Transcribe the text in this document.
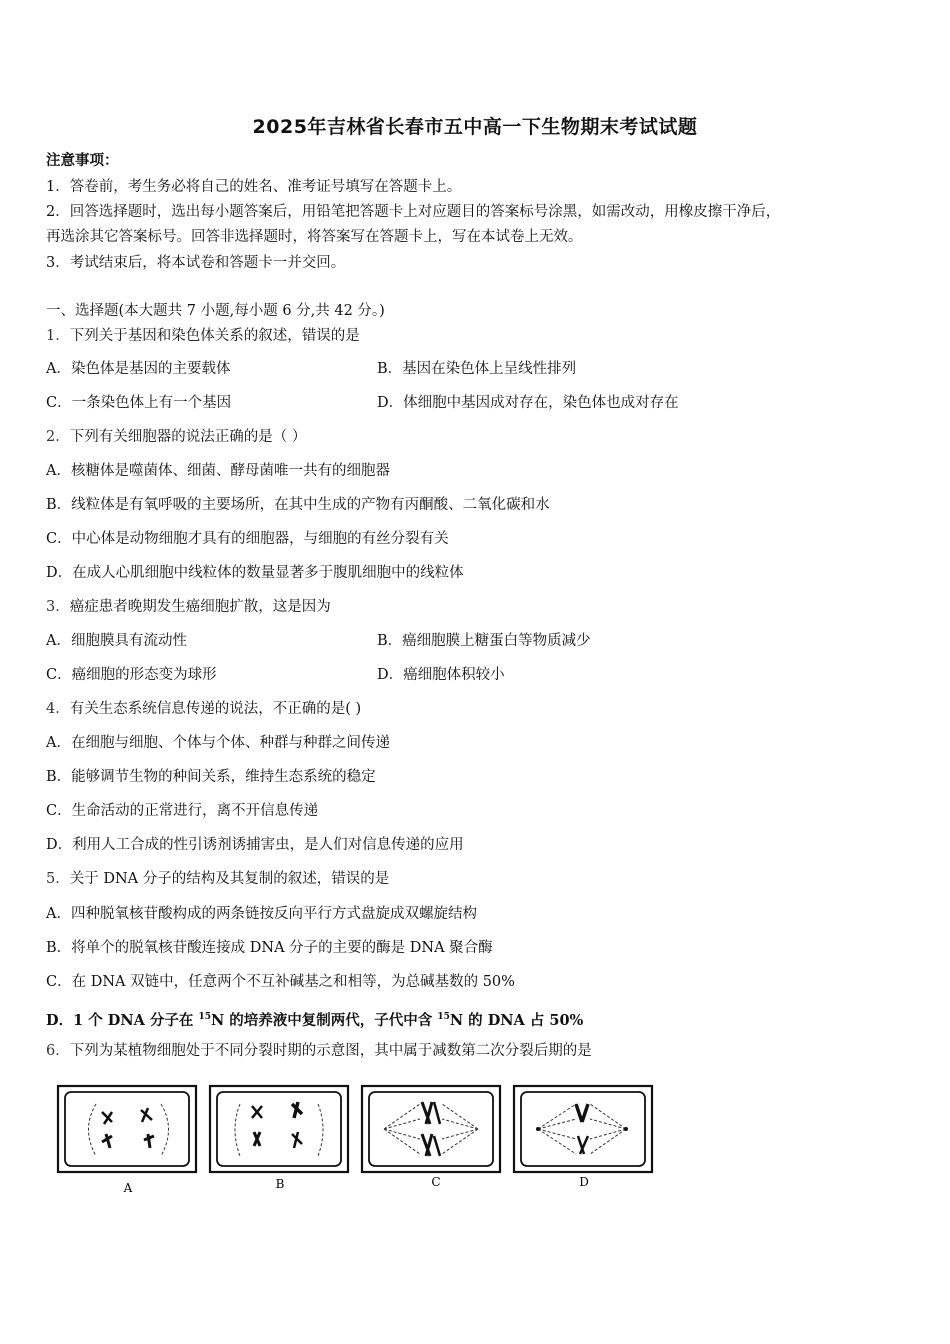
2025年吉林省长春市五中高一下生物期末考试试题
注意事项：
1．答卷前，考生务必将自己的姓名、准考证号填写在答题卡上。
2．回答选择题时，选出每小题答案后，用铅笔把答题卡上对应题目的答案标号涂黑，如需改动，用橡皮擦干净后，
再选涂其它答案标号。回答非选择题时，将答案写在答题卡上，写在本试卷上无效。
3．考试结束后，将本试卷和答题卡一并交回。
一、选择题(本大题共 7 小题,每小题 6 分,共 42 分。)
1．下列关于基因和染色体关系的叙述，错误的是
A．染色体是基因的主要载体	B．基因在染色体上呈线性排列
C．一条染色体上有一个基因	D．体细胞中基因成对存在，染色体也成对存在
2．下列有关细胞器的说法正确的是（ ）
A．核糖体是噬菌体、细菌、酵母菌唯一共有的细胞器
B．线粒体是有氧呼吸的主要场所，在其中生成的产物有丙酮酸、二氧化碳和水
C．中心体是动物细胞才具有的细胞器，与细胞的有丝分裂有关
D．在成人心肌细胞中线粒体的数量显著多于腹肌细胞中的线粒体
3．癌症患者晚期发生癌细胞扩散，这是因为
A．细胞膜具有流动性	B．癌细胞膜上糖蛋白等物质减少
C．癌细胞的形态变为球形	D．癌细胞体积较小
4．有关生态系统信息传递的说法，不正确的是( )
A．在细胞与细胞、个体与个体、种群与种群之间传递
B．能够调节生物的种间关系，维持生态系统的稳定
C．生命活动的正常进行，离不开信息传递
D．利用人工合成的性引诱剂诱捕害虫，是人们对信息传递的应用
5．关于 DNA 分子的结构及其复制的叙述，错误的是
A．四种脱氧核苷酸构成的两条链按反向平行方式盘旋成双螺旋结构
B．将单个的脱氧核苷酸连接成 DNA 分子的主要的酶是 DNA 聚合酶
C．在 DNA 双链中，任意两个不互补碱基之和相等，为总碱基数的 50%
D．1 个 DNA 分子在 $^{15}$N 的培养液中复制两代，子代中含 $^{15}$N 的 DNA 占 50%
6．下列为某植物细胞处于不同分裂时期的示意图，其中属于减数第二次分裂后期的是
A	B	C	D
